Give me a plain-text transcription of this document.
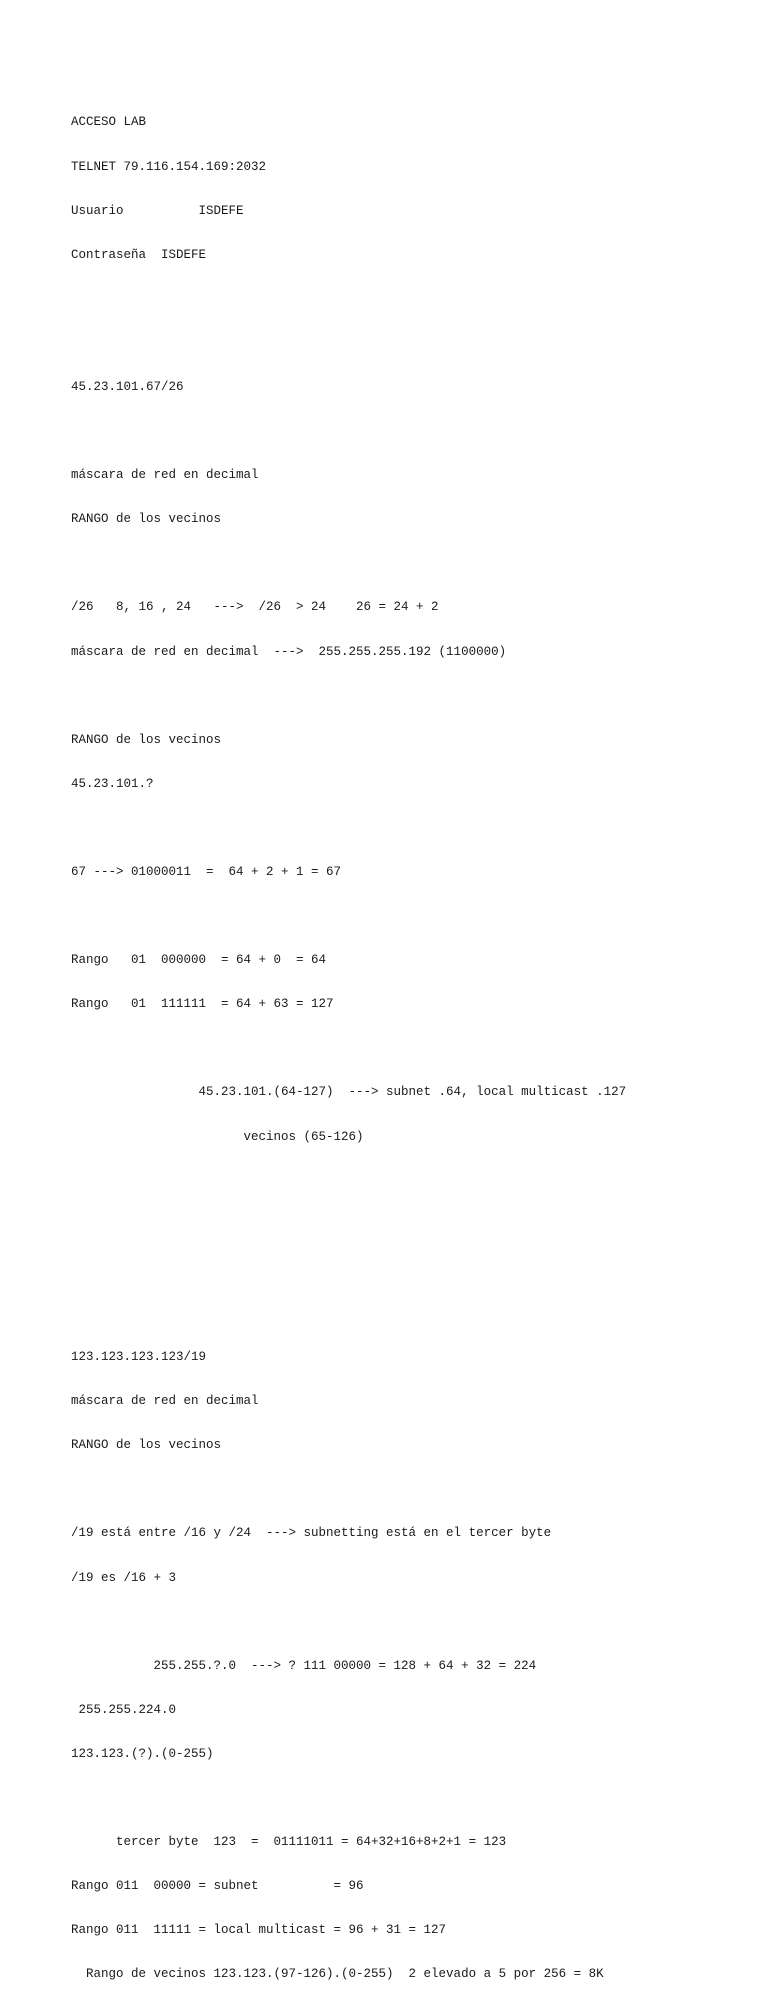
ACCESO LAB

TELNET 79.116.154.169:2032

Usuario          ISDEFE

Contraseña  ISDEFE

45.23.101.67/26

máscara de red en decimal

RANGO de los vecinos

/26   8, 16 , 24   --->  /26  > 24    26 = 24 + 2

máscara de red en decimal  --->  255.255.255.192 (1100000)

RANGO de los vecinos

45.23.101.?

67 ---> 01000011  =  64 + 2 + 1 = 67

Rango   01  000000  = 64 + 0  = 64

Rango   01  111111  = 64 + 63 = 127

45.23.101.(64-127)  ---> subnet .64, local multicast .127

vecinos (65-126)

123.123.123.123/19

máscara de red en decimal

RANGO de los vecinos

/19 está entre /16 y /24  ---> subnetting está en el tercer byte

/19 es /16 + 3

255.255.?.0  ---> ? 111 00000 = 128 + 64 + 32 = 224

255.255.224.0

123.123.(?).(0-255)

tercer byte  123  =  01111011 = 64+32+16+8+2+1 = 123

Rango 011  00000 = subnet          = 96

Rango 011  11111 = local multicast = 96 + 31 = 127

Rango de vecinos 123.123.(97-126).(0-255)  2 elevado a 5 por 256 = 8K
